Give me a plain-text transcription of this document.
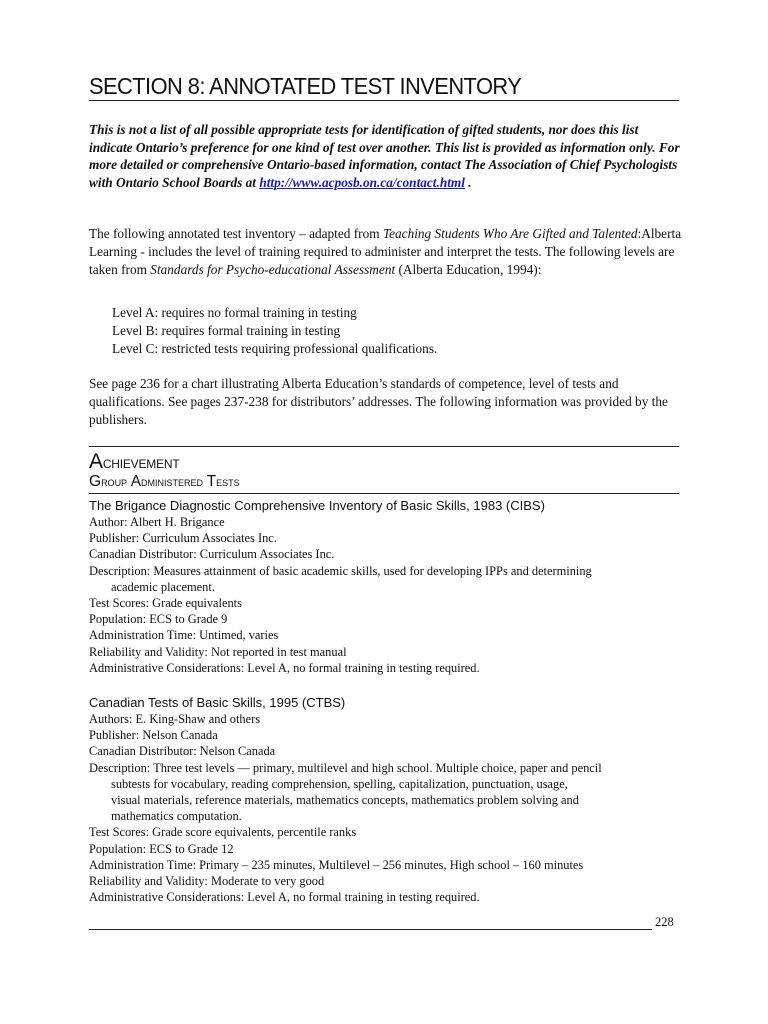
SECTION 8: ANNOTATED TEST INVENTORY
This is not a list of all possible appropriate tests for identification of gifted students, nor does this list indicate Ontario’s preference for one kind of test over another. This list is provided as information only. For more detailed or comprehensive Ontario-based information, contact The Association of Chief Psychologists with Ontario School Boards at http://www.acposb.on.ca/contact.html .
The following annotated test inventory – adapted from Teaching Students Who Are Gifted and Talented:Alberta Learning - includes the level of training required to administer and interpret the tests. The following levels are taken from Standards for Psycho-educational Assessment (Alberta Education, 1994):
Level A: requires no formal training in testing
Level B: requires formal training in testing
Level C: restricted tests requiring professional qualifications.
See page 236 for a chart illustrating Alberta Education’s standards of competence, level of tests and qualifications. See pages 237-238 for distributors’ addresses. The following information was provided by the publishers.
Achievement
Group Administered Tests
The Brigance Diagnostic Comprehensive Inventory of Basic Skills, 1983 (CIBS)
Author: Albert H. Brigance
Publisher: Curriculum Associates Inc.
Canadian Distributor: Curriculum Associates Inc.
Description: Measures attainment of basic academic skills, used for developing IPPs and determining
academic placement.
Test Scores: Grade equivalents
Population: ECS to Grade 9
Administration Time: Untimed, varies
Reliability and Validity: Not reported in test manual
Administrative Considerations: Level A, no formal training in testing required.
Canadian Tests of Basic Skills, 1995 (CTBS)
Authors: E. King-Shaw and others
Publisher: Nelson Canada
Canadian Distributor: Nelson Canada
Description: Three test levels — primary, multilevel and high school. Multiple choice, paper and pencil
subtests for vocabulary, reading comprehension, spelling, capitalization, punctuation, usage,
visual materials, reference materials, mathematics concepts, mathematics problem solving and
mathematics computation.
Test Scores: Grade score equivalents, percentile ranks
Population: ECS to Grade 12
Administration Time: Primary – 235 minutes, Multilevel – 256 minutes, High school – 160 minutes
Reliability and Validity: Moderate to very good
Administrative Considerations: Level A, no formal training in testing required.
228
